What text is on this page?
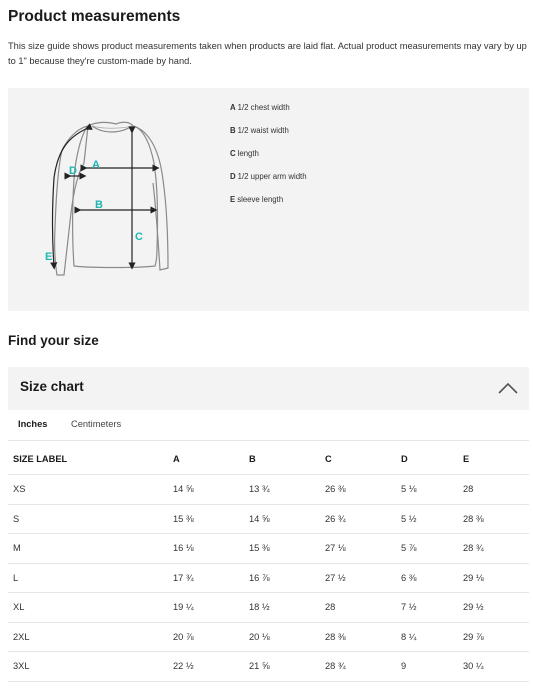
Product measurements

This size guide shows product measurements taken when products are laid flat. Actual product measurements may vary by up to 1" because they're custom-made by hand.

A
B
C
D
E
A 1/2 chest width
B 1/2 waist width
C length
D 1/2 upper arm width
E sleeve length
Find your size
Size chart
Inches	Centimeters
SIZE LABEL	A	B	C	D	E
XS	14 ⅝	13 ¾	26 ⅜	5 ⅛	28
S	15 ⅜	14 ⅝	26 ¾	5 ½	28 ⅜
M	16 ⅛	15 ⅜	27 ⅛	5 ⅞	28 ¾
L	17 ¾	16 ⅞	27 ½	6 ⅜	29 ⅛
XL	19 ¼	18 ½	28	7 ½	29 ½
2XL	20 ⅞	20 ⅛	28 ⅜	8 ¼	29 ⅞
3XL	22 ½	21 ⅝	28 ¾	9	30 ¼
